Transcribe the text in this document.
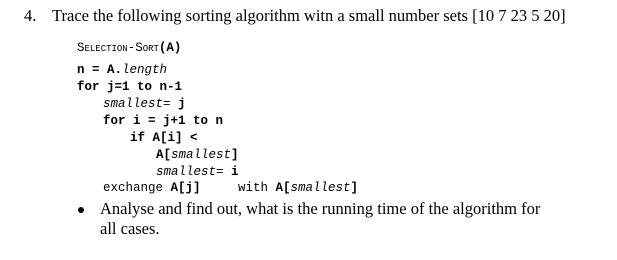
4. Trace the following sorting algorithm witn a small number sets [10 7 23 5 20]
Selection-Sort(A)
n = A.length
for j=1 to n-1
smallest= j
for i = j+1 to n
if A[i] <
A[smallest]
smallest= i
exchange A[j]	with A[smallest]
Analyse and find out, what is the running time of the algorithm for all cases.
